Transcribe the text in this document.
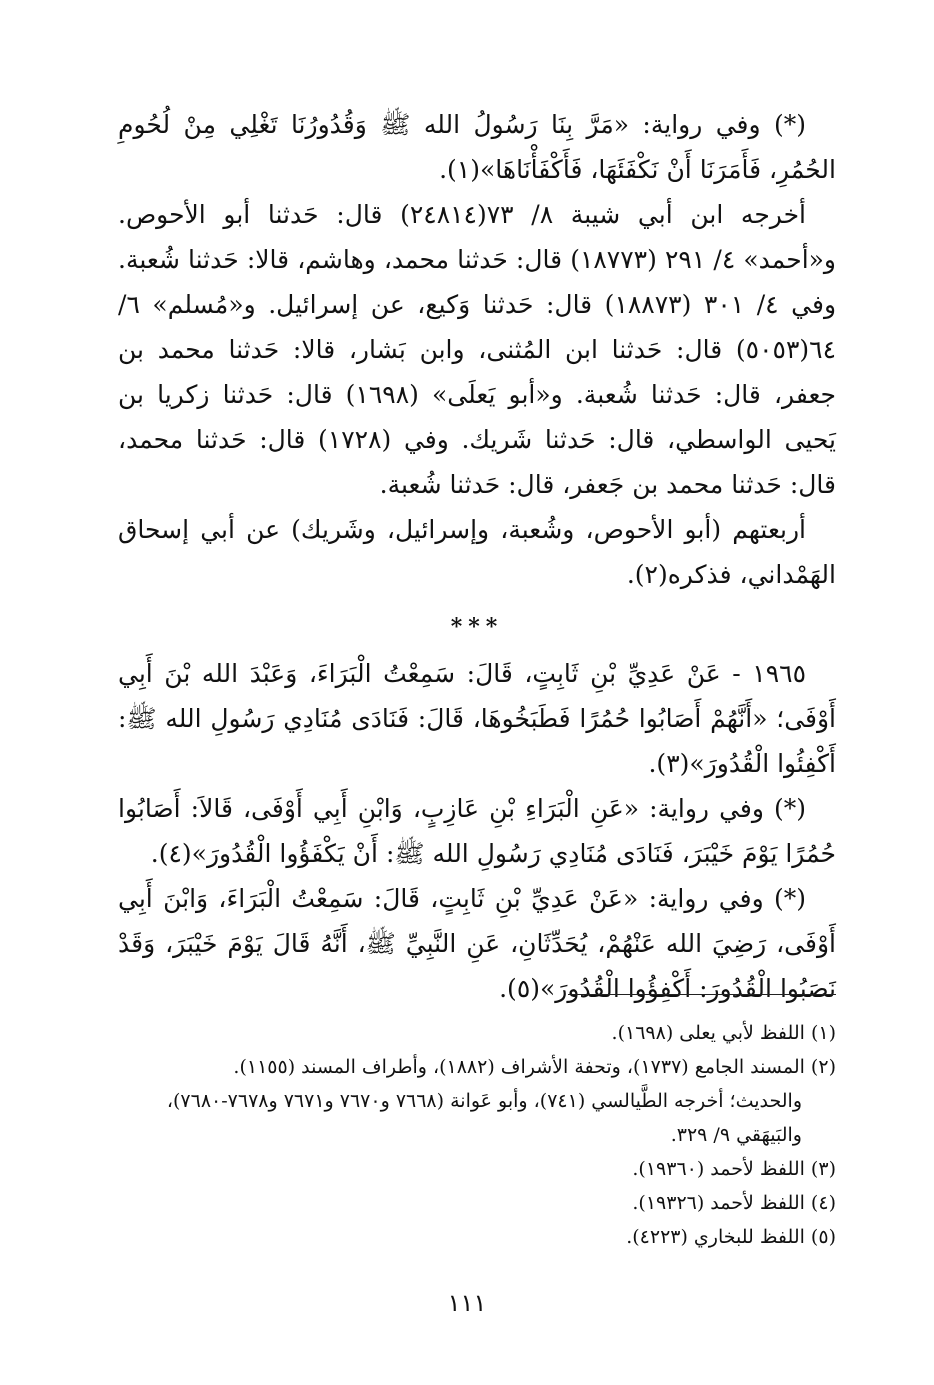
(*) وفي رواية: «مَرَّ بِنَا رَسُولُ الله ﷺ وَقُدُورُنَا تَغْلِي مِنْ لُحُومِ الحُمُرِ، فَأَمَرَنَا أَنْ نَكْفَئَهَا، فَأَكْفَأْنَاهَا»(١).

أخرجه ابن أبي شيبة ٨/ ٧٣(٢٤٨١٤) قال: حَدثنا أبو الأحوص. و«أحمد» ٤/ ٢٩١ (١٨٧٧٣) قال: حَدثنا محمد، وهاشم، قالا: حَدثنا شُعبة. وفي ٤/ ٣٠١ (١٨٨٧٣) قال: حَدثنا وَكيع، عن إسرائيل. و«مُسلم» ٦/ ٦٤(٥٠٥٣) قال: حَدثنا ابن المُثنى، وابن بَشار، قالا: حَدثنا محمد بن جعفر، قال: حَدثنا شُعبة. و«أبو يَعلَى» (١٦٩٨) قال: حَدثنا زكريا بن يَحيى الواسطي، قال: حَدثنا شَريك. وفي (١٧٢٨) قال: حَدثنا محمد، قال: حَدثنا محمد بن جَعفر، قال: حَدثنا شُعبة.

أربعتهم (أبو الأحوص، وشُعبة، وإسرائيل، وشَريك) عن أبي إسحاق الهَمْداني، فذكره(٢).

***

١٩٦٥ - عَنْ عَدِيِّ بْنِ ثَابِتٍ، قَالَ: سَمِعْتُ الْبَرَاءَ، وَعَبْدَ الله بْنَ أَبِي أَوْفَى؛ «أَنَّهُمْ أَصَابُوا حُمُرًا فَطَبَخُوهَا، قَالَ: فَنَادَى مُنَادِي رَسُولِ الله ﷺ: أَكْفِئُوا الْقُدُورَ»(٣).

(*) وفي رواية: «عَنِ الْبَرَاءِ بْنِ عَازِبٍ، وَابْنِ أَبِي أَوْفَى، قَالاَ: أَصَابُوا حُمُرًا يَوْمَ خَيْبَرَ، فَنَادَى مُنَادِي رَسُولِ الله ﷺ: أَنْ يَكْفَؤُوا الْقُدُورَ»(٤).

(*) وفي رواية: «عَنْ عَدِيِّ بْنِ ثَابِتٍ، قَالَ: سَمِعْتُ الْبَرَاءَ، وَابْنَ أَبِي أَوْفَى، رَضِيَ الله عَنْهُمْ، يُحَدِّثَانِ، عَنِ النَّبِيِّ ﷺ، أَنَّهُ قَالَ يَوْمَ خَيْبَرَ، وَقَدْ نَصَبُوا الْقُدُورَ: أَكْفِؤُوا الْقُدُورَ»(٥).

(١) اللفظ لأبي يعلى (١٦٩٨).

(٢) المسند الجامع (١٧٣٧)، وتحفة الأشراف (١٨٨٢)، وأطراف المسند (١١٥٥).

والحديث؛ أخرجه الطَّيالسي (٧٤١)، وأبو عَوانة (٧٦٦٨ و٧٦٧٠ و٧٦٧١ و٧٦٧٨-٧٦٨٠)، والبَيهَقي ٩/ ٣٢٩.

(٣) اللفظ لأحمد (١٩٣٦٠).

(٤) اللفظ لأحمد (١٩٣٢٦).

(٥) اللفظ للبخاري (٤٢٢٣).

١١١
